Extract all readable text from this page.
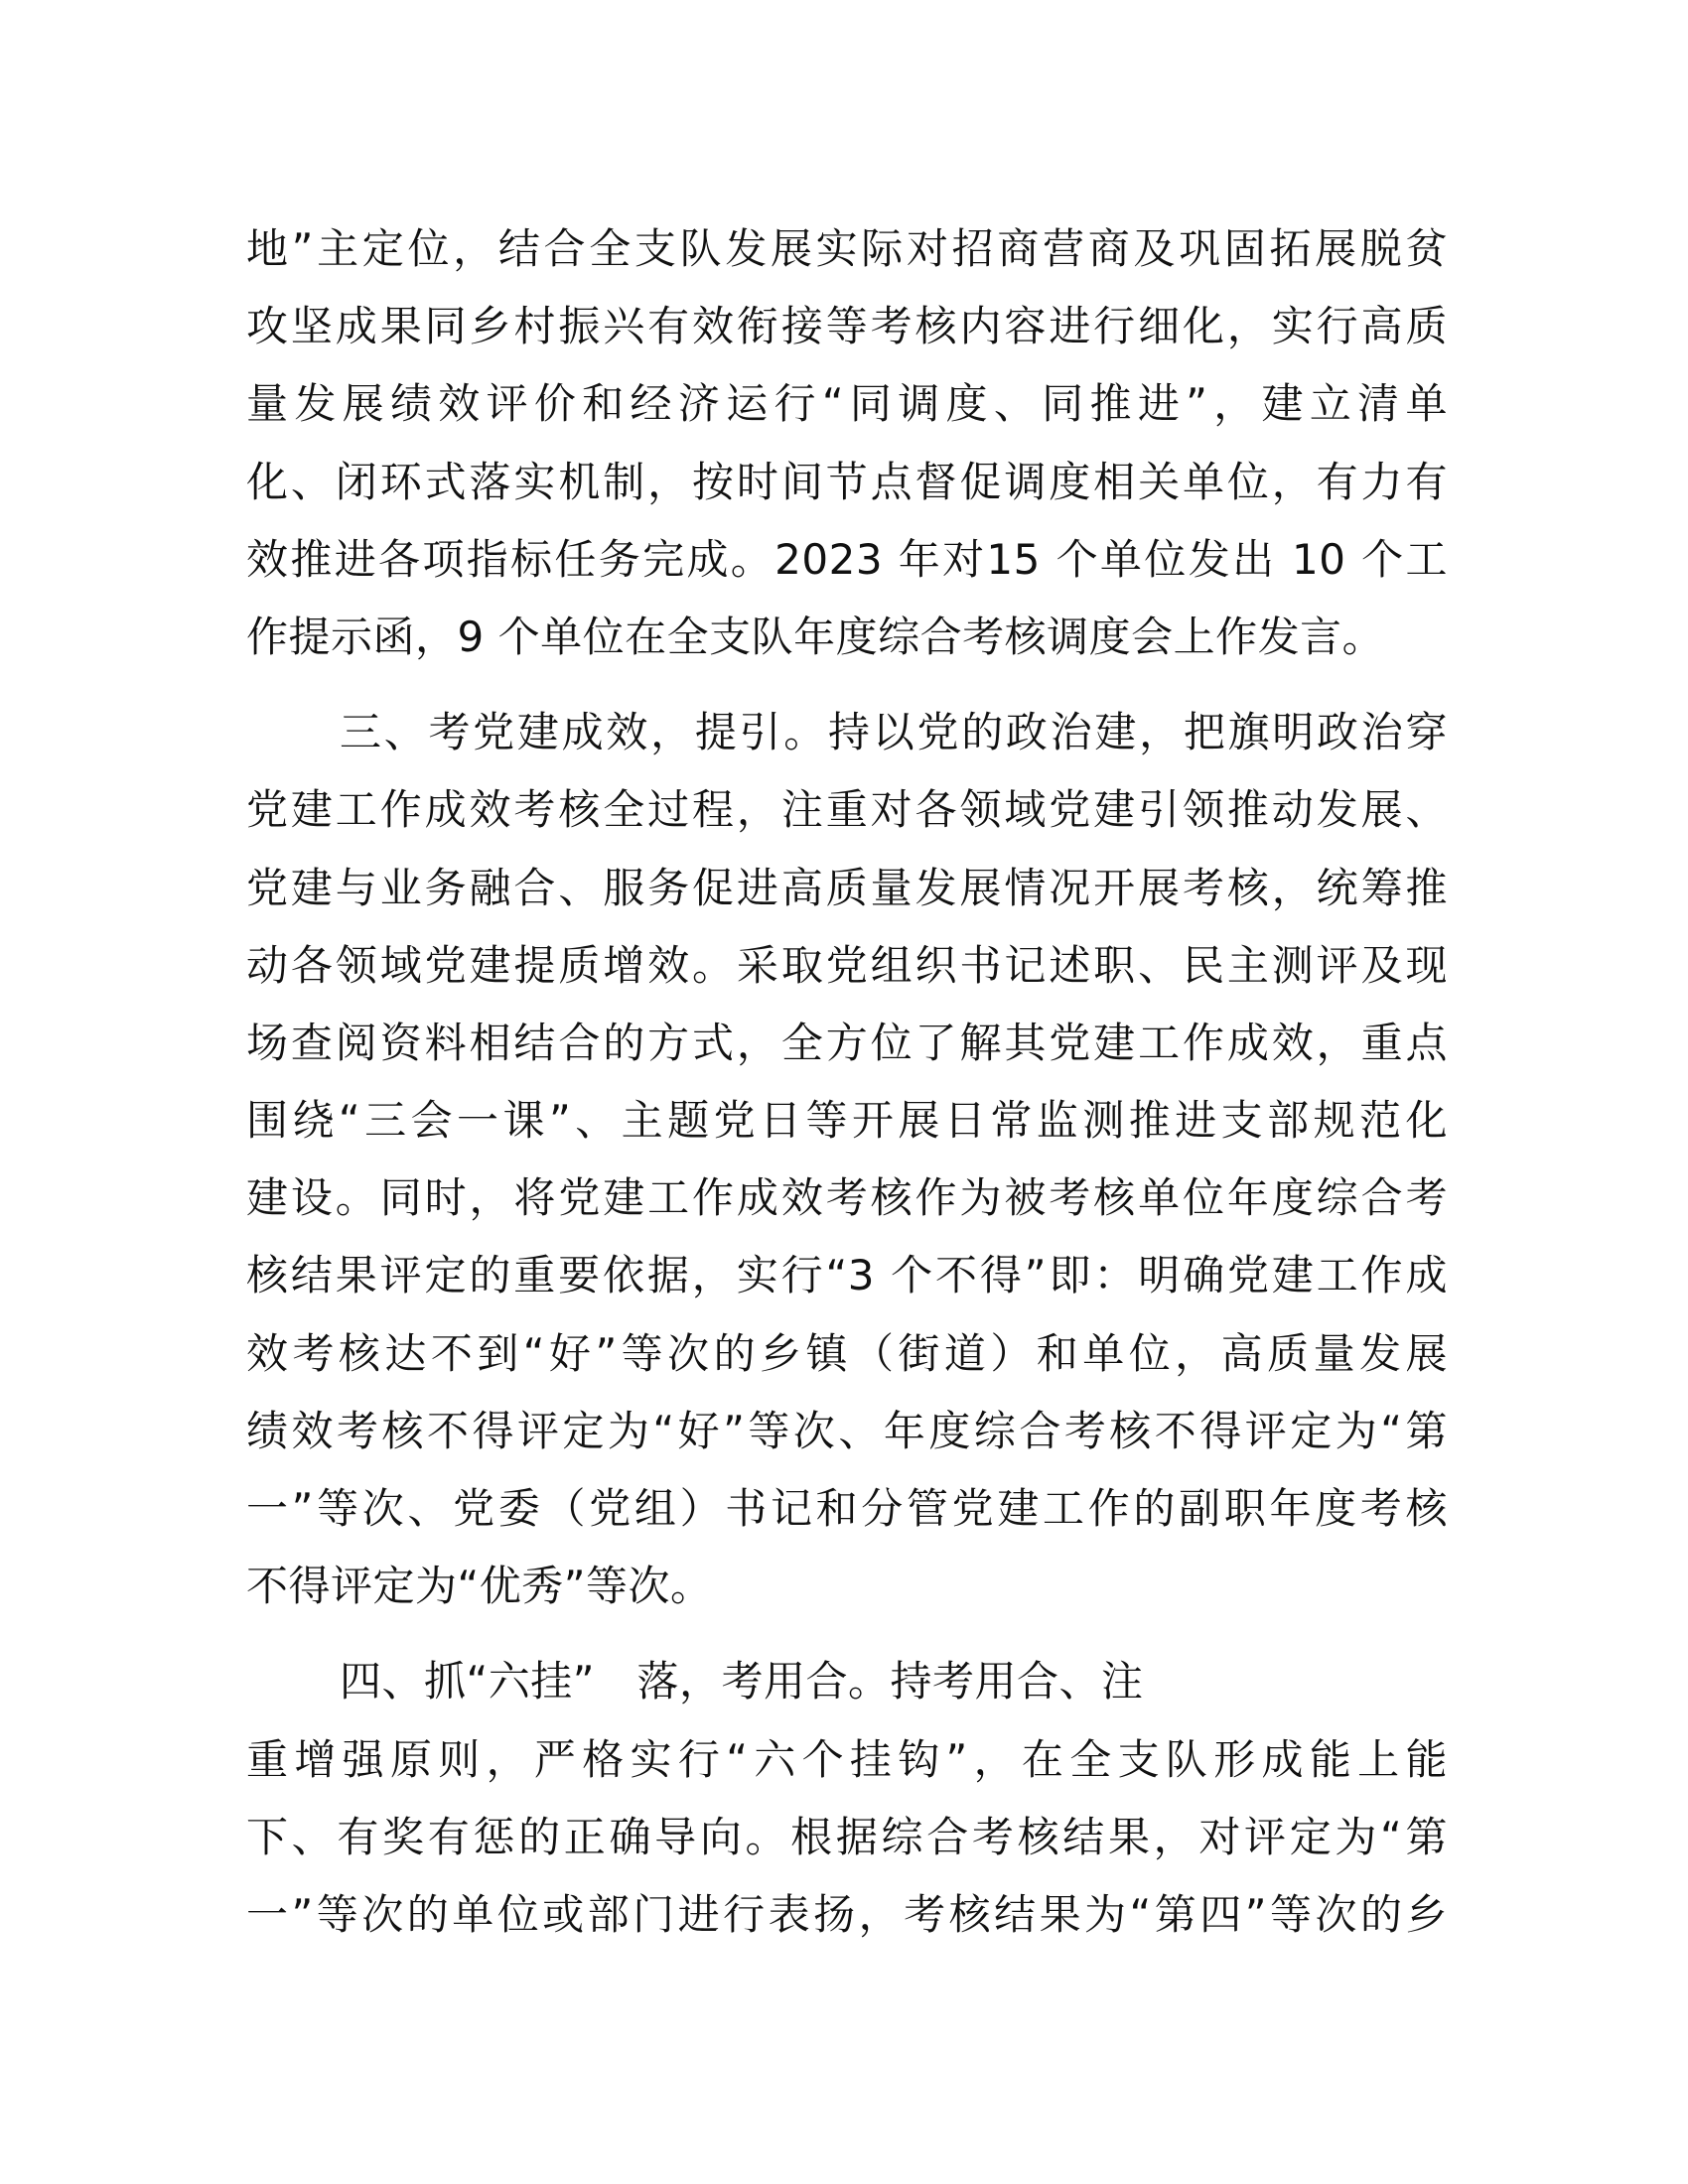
地”主定位，结合全支队发展实际对招商营商及巩固拓展脱贫
攻坚成果同乡村振兴有效衔接等考核内容进行细化，实行高质
量发展绩效评价和经济运行“同调度、同推进”，建立清单
化、闭环式落实机制，按时间节点督促调度相关单位，有力有
效推进各项指标任务完成。2023 年对15 个单位发出 10 个工
作提示函，9 个单位在全支队年度综合考核调度会上作发言。
三、考党建成效，提引。持以党的政治建，把旗明政治穿
党建工作成效考核全过程，注重对各领域党建引领推动发展、
党建与业务融合、服务促进高质量发展情况开展考核，统筹推
动各领域党建提质增效。采取党组织书记述职、民主测评及现
场查阅资料相结合的方式，全方位了解其党建工作成效，重点
围绕“三会一课”、主题党日等开展日常监测推进支部规范化
建设。同时，将党建工作成效考核作为被考核单位年度综合考
核结果评定的重要依据，实行“3 个不得”即：明确党建工作成
效考核达不到“好”等次的乡镇（街道）和单位，高质量发展
绩效考核不得评定为“好”等次、年度综合考核不得评定为“第
一”等次、党委（党组）书记和分管党建工作的副职年度考核
不得评定为“优秀”等次。
四、抓“六挂”　落，考用合。持考用合、注
重增强原则，严格实行“六个挂钩”，在全支队形成能上能
下、有奖有惩的正确导向。根据综合考核结果，对评定为“第
一”等次的单位或部门进行表扬，考核结果为“第四”等次的乡
